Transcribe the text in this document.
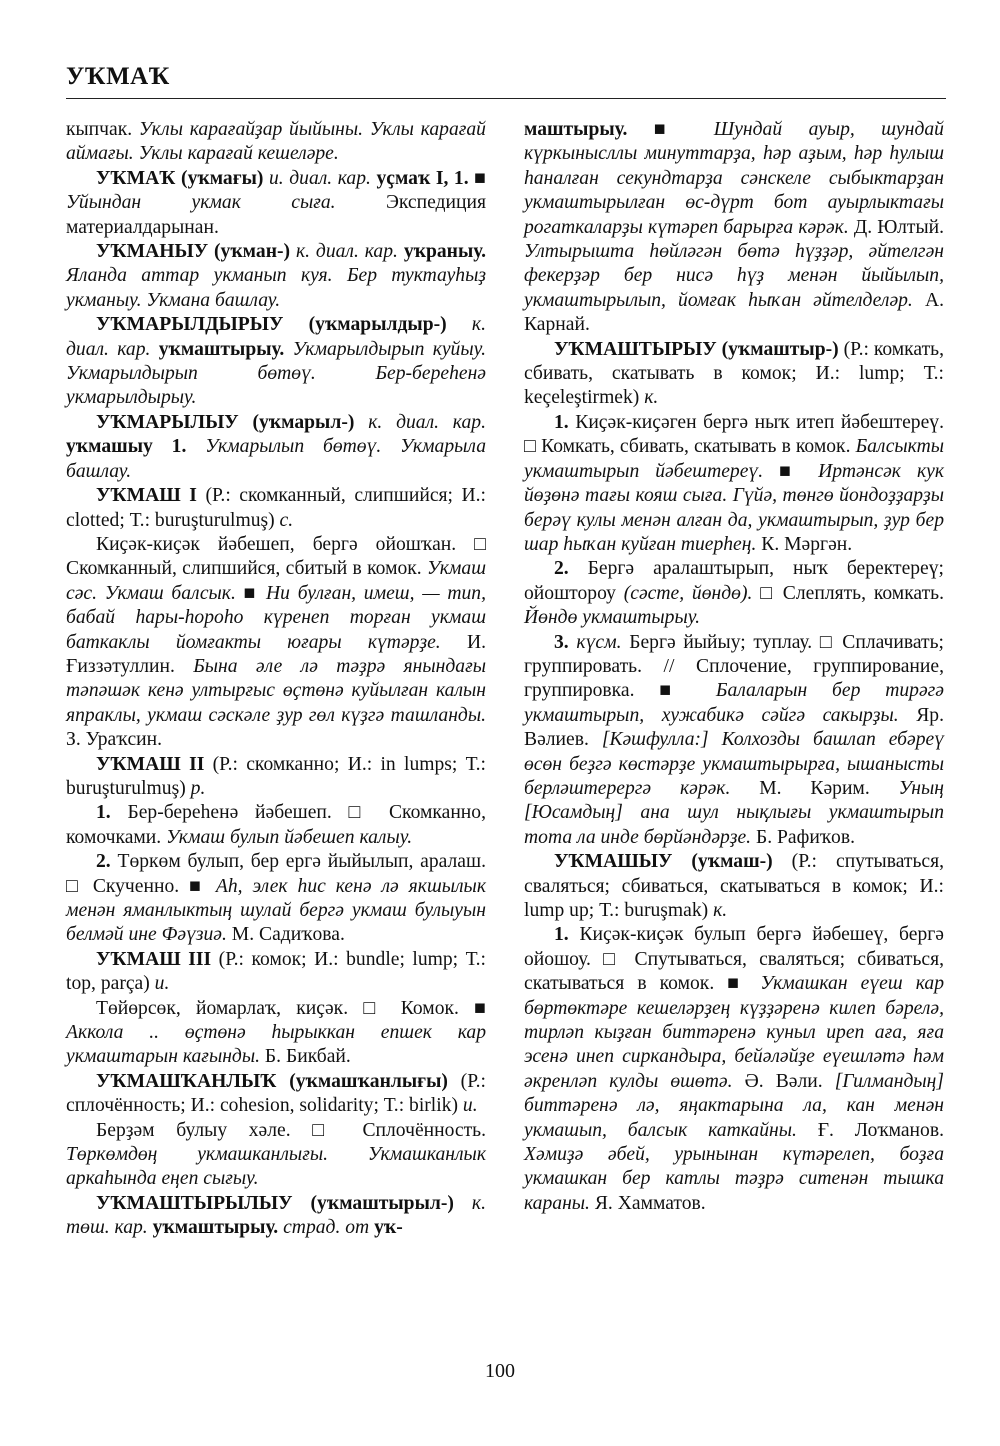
УҠМАҠ

кыпчак. Уклы карағайҙар йыйыны. Уклы карағай аймағы. Уклы карағай кешеләре.

УҠМАҠ (уҡмағы) и. диал. кар. уҫмаҡ I, 1. ■ Уйындан укмак сыға. Экспедиция материалдарынан.

УҠМАНЫУ (уҡман-) к. диал. кар. уҡраныу. Яланда аттар укманып куя. Бер туктауһыҙ укманыу. Укмана башлау.

УҠМАРЫЛДЫРЫУ (уҡмарылдыр-) к. диал. кар. уҡмаштырыу. Укмарылдырып куйыу. Укмарылдырып бөтөү. Бер-береһенә укмарылдырыу.

УҠМАРЫЛЫУ (уҡмарыл-) к. диал. кар. уҡмашыу 1. Укмарылып бөтөү. Укмарыла башлау.

УҠМАШ I (Р.: скомканный, слипшийся; И.: clotted; Т.: buruşturulmuş) с.

Киҫәк-киҫәк йәбешеп, бергә ойошҡан. □ Скомканный, слипшийся, сбитый в комок. Укмаш сәс. Укмаш балсык. ■ Ни булған, имеш, — тип, бабай һары-һороһо күренеп торған укмаш баткаклы йомғакты юғары күтәрҙе. И. Ғиззәтуллин. Бына әле лә тәҙрә янындағы тәпәшәк кенә ултырғыс өҫтөнә куйылған калын япраклы, укмаш сәскәле ҙур гөл күҙгә ташланды. З. Ураҡсин.

УҠМАШ II (Р.: скомканно; И.: in lumps; Т.: buruşturulmuş) р.

1. Бер-береһенә йәбешеп. □ Скомканно, комочками. Укмаш булып йәбешеп калыу.

2. Төркөм булып, бер ергә йыйылып, аралаш. □ Скученно. ■ Аһ, элек һис кенә лә якшылык менән яманлыктың шулай бергә укмаш булыуын белмәй ине Фәүзиә. М. Садиҡова.

УҠМАШ III (Р.: комок; И.: bundle; lump; Т.: top, parça) и.

Төйөрсөк, йомарлаҡ, киҫәк. □ Комок. ■ Аккола .. өҫтөнә һырыккан епшек кар укмаштарын кағынды. Б. Бикбай.

УҠМАШҠАНЛЫҠ (уҡмашҡанлығы) (Р.: сплочённость; И.: cohesion, solidarity; Т.: birlik) и.

Берҙәм булыу хәле. □ Сплочённость. Төркөмдөң укмашканлығы. Укмашканлык аркаһында еңеп сығыу.

УҠМАШТЫРЫЛЫУ (уҡмаштырыл-) к. төш. кар. уҡмаштырыу. страд. от уҡ-

маштырыу. ■ Шундай ауыр, шундай күркынысллы минуттарҙа, һәр аҙым, һәр һулыш һаналған секундтарҙа сәнскеле сыбыктарҙан укмаштырылған өс-дүрт бот ауырлыктағы рогаткаларҙы күтәреп барырға кәрәк. Д. Юлтый. Ултырышта һөйләгән бөтә һүҙҙәр, әйтелгән фекерҙәр бер нисә һүҙ менән йыйылып, укмаштырылып, йомғак һыҡан әйтелделәр. А. Карнай.

УҠМАШТЫРЫУ (уҡмаштыр-) (Р.: комкать, сбивать, скатывать в комок; И.: lump; Т.: keçeleştirmek) к.

1. Киҫәк-киҫәген бергә ныҡ итеп йәбештереү. □ Комкать, сбивать, скатывать в комок. Балсыкты укмаштырып йәбештереү. ■ Иртәнсәк кук йөҙөнә тағы кояш сыға. Гүйә, төнгө йондоҙҙарҙы берәү кулы менән алған да, укмаштырып, ҙур бер шар һыҡан куйған тиерһең. К. Мәргән.

2. Бергә аралаштырып, ныҡ беректереү; ойоштороу (сәсте, йөндө). □ Слеплять, комкать. Йөндө укмаштырыу.

3. күсм. Бергә йыйыу; туплау. □ Сплачивать; группировать. // Сплочение, группирование, группировка. ■ Балаларын бер тирәгә укмаштырып, хужабикә сәйгә сакырҙы. Яр. Вәлиев. [Кәшфулла:] Колхозды башлап ебәреү өсөн беҙгә көстәрҙе укмаштырырға, ышанысты берләштерергә кәрәк. М. Кәрим. Уның [Юсамдың] ана шул нықлығы укмаштырып тота ла инде бөрйәндәрҙе. Б. Рафиҡов.

УҠМАШЫУ (уҡмаш-) (Р.: спутываться, сваляться; сбиваться, скатываться в комок; И.: lump up; Т.: buruşmak) к.

1. Киҫәк-киҫәк булып бергә йәбешеү, бергә ойошоу. □ Спутываться, сваляться; сбиваться, скатываться в комок. ■ Укмашкан еүеш кар бөртөктәре кешеләрҙең күҙҙәренә килеп бәрелә, тирләп кыҙған биттәренә куныл иреп аға, яға эсенә инеп сиркандыра, бейәләйҙе еүешләтә һәм әкренләп кулды өшөтә. Ә. Вәли. [Гилмандың] биттәренә лә, яңактарына ла, кан менән укмашып, балсык каткайны. Ғ. Лоҡманов. Хәмиҙә әбей, урынынан күтәрелеп, боҙға укмашкан бер катлы тәҙрә ситенән тышка караны. Я. Хамматов.

100
